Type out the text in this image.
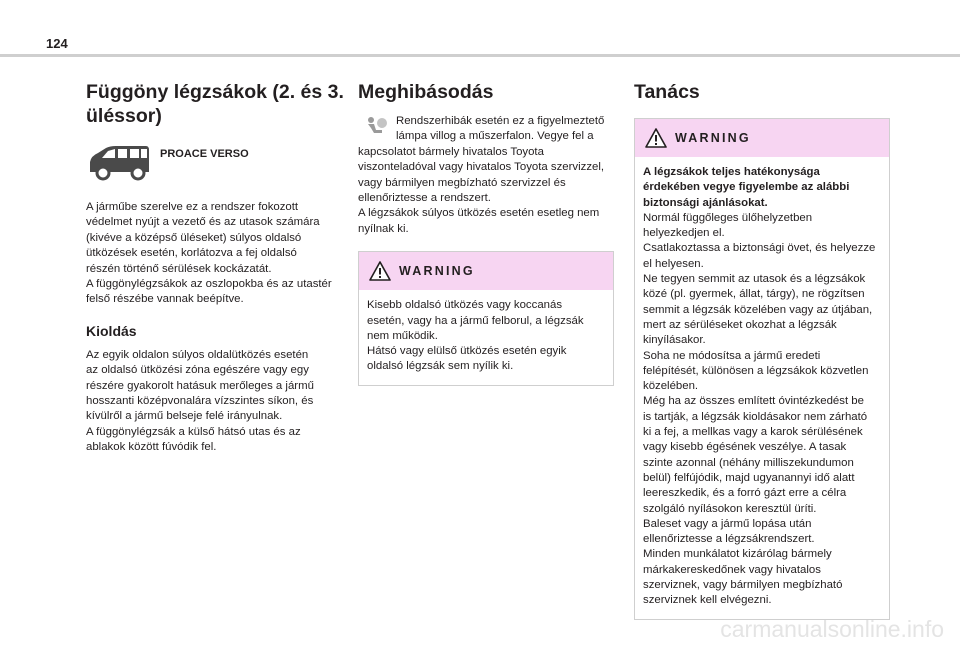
124
Függöny légzsákok (2. és 3. üléssor)
PROACE VERSO

A járműbe szerelve ez a rendszer fokozott
védelmet nyújt a vezető és az utasok számára
(kivéve a középső üléseket) súlyos oldalsó
ütközések esetén, korlátozva a fej oldalsó
részén történő sérülések kockázatát.
A függönylégzsákok az oszlopokba és az utastér
felső részébe vannak beépítve.

Kioldás

Az egyik oldalon súlyos oldalütközés esetén
az oldalsó ütközési zóna egészére vagy egy
részére gyakorolt hatásuk merőleges a jármű
hosszanti középvonalára vízszintes síkon, és
kívülről a jármű belseje felé irányulnak.
A függönylégzsák a külső hátsó utas és az
ablakok között fúvódik fel.

Meghibásodás

Rendszerhibák esetén ez a figyelmeztető

lámpa villog a műszerfalon. Vegye fel a

kapcsolatot bármely hivatalos Toyota
viszonteladóval vagy hivatalos Toyota szervizzel,
vagy bármilyen megbízható szervizzel és
ellenőriztesse a rendszert.
A légzsákok súlyos ütközés esetén esetleg nem
nyílnak ki.

WARNING

Kisebb oldalsó ütközés vagy koccanás
esetén, vagy ha a jármű felborul, a légzsák
nem működik.
Hátsó vagy elülső ütközés esetén egyik
oldalsó légzsák sem nyílik ki.

Tanács
WARNING

A légzsákok teljes hatékonysága
érdekében vegye figyelembe az alábbi
biztonsági ajánlásokat.

Normál függőleges ülőhelyzetben
helyezkedjen el.
Csatlakoztassa a biztonsági övet, és helyezze
el helyesen.
Ne tegyen semmit az utasok és a légzsákok
közé (pl. gyermek, állat, tárgy), ne rögzítsen
semmit a légzsák közelében vagy az útjában,
mert az sérüléseket okozhat a légzsák
kinyílásakor.
Soha ne módosítsa a jármű eredeti
felépítését, különösen a légzsákok közvetlen
közelében.
Még ha az összes említett óvintézkedést be
is tartják, a légzsák kioldásakor nem zárható
ki a fej, a mellkas vagy a karok sérülésének
vagy kisebb égésének veszélye. A tasak
szinte azonnal (néhány milliszekundumon
belül) felfújódik, majd ugyanannyi idő alatt
leereszkedik, és a forró gázt erre a célra
szolgáló nyílásokon keresztül üríti.
Baleset vagy a jármű lopása után
ellenőriztesse a légzsákrendszert.
Minden munkálatot kizárólag bármely
márkakereskedőnek vagy hivatalos
szerviznek, vagy bármilyen megbízható
szerviznek kell elvégezni.

carmanualsonline.info
